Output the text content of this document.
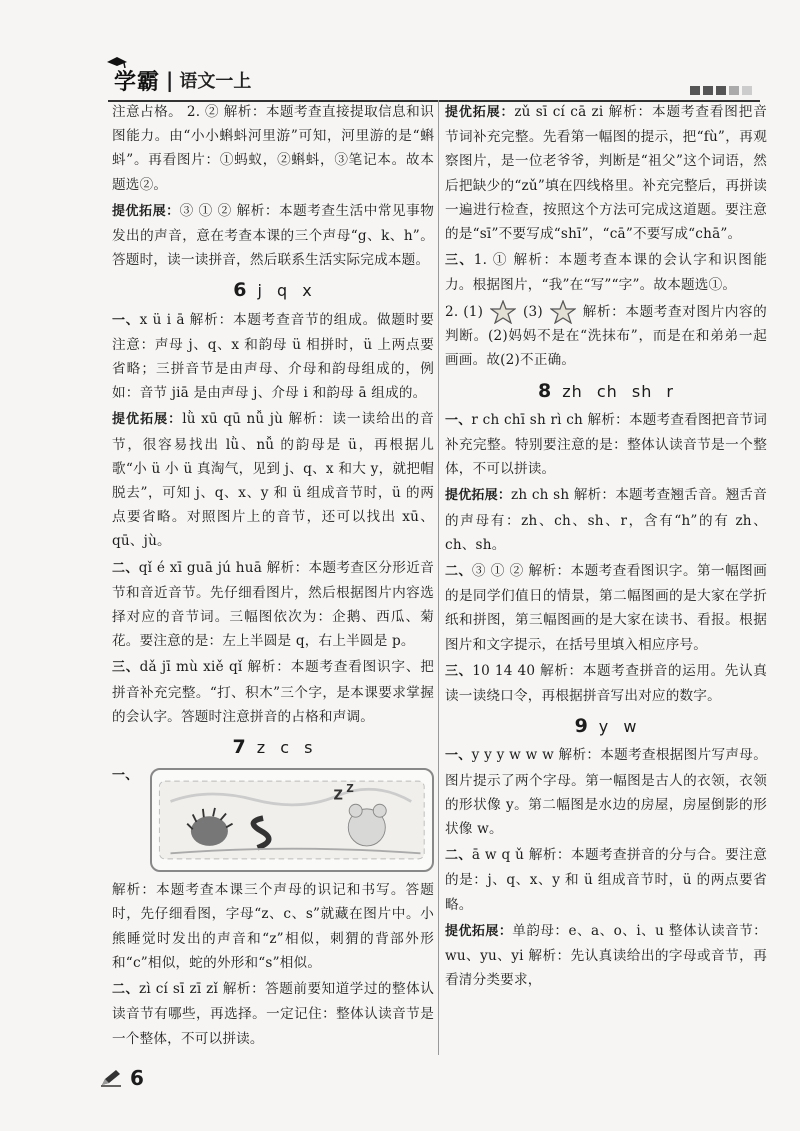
学霸 | 语文一上

注意占格。 2. ② 解析：本题考查直接提取信息和识图能力。由“小小蝌蚪河里游”可知，河里游的是“蝌蚪”。再看图片：①蚂蚁，②蝌蚪，③笔记本。故本题选②。

提优拓展：③ ① ② 解析：本题考查生活中常见事物发出的声音，意在考查本课的三个声母“g、k、h”。答题时，读一读拼音，然后联系生活实际完成本题。

6 j q x

一、x ü i ā 解析：本题考查音节的组成。做题时要注意：声母 j、q、x 和韵母 ü 相拼时，ü 上两点要省略；三拼音节是由声母、介母和韵母组成的，例如：音节 jiā 是由声母 j、介母 i 和韵母 ā 组成的。

提优拓展：lǜ xū qū nǚ jù 解析：读一读给出的音节，很容易找出 lǜ、nǚ 的韵母是 ü，再根据儿歌“小 ü 小 ü 真淘气，见到 j、q、x 和大 y，就把帽脱去”，可知 j、q、x、y 和 ü 组成音节时，ü 的两点要省略。对照图片上的音节，还可以找出 xū、qū、jù。

二、qǐ é xī guā jú huā 解析：本题考查区分形近音节和音近音节。先仔细看图片，然后根据图片内容选择对应的音节词。三幅图依次为：企鹅、西瓜、菊花。要注意的是：左上半圆是 q，右上半圆是 p。

三、dǎ jī mù xiě qǐ 解析：本题考查看图识字、把拼音补充完整。“打、积木”三个字，是本课要求掌握的会认字。答题时注意拼音的占格和声调。

7 z c s
一、
Z Z

解析：本题考查本课三个声母的识记和书写。答题时，先仔细看图，字母“z、c、s”就藏在图片中。小熊睡觉时发出的声音和“z”相似，刺猬的背部外形和“c”相似，蛇的外形和“s”相似。

二、zì cí sī zī zǐ 解析：答题前要知道学过的整体认读音节有哪些，再选择。一定记住：整体认读音节是一个整体，不可以拼读。

提优拓展：zǔ sī cí cā zi 解析：本题考查看图把音节词补充完整。先看第一幅图的提示，把“fù”，再观察图片，是一位老爷爷，判断是“祖父”这个词语，然后把缺少的“zǔ”填在四线格里。补充完整后，再拼读一遍进行检查，按照这个方法可完成这道题。要注意的是“sī”不要写成“shī”，“cā”不要写成“chā”。

三、1. ① 解析：本题考查本课的会认字和识图能力。根据图片，“我”在“写”“字”。故本题选①。

2. (1)	(3)	解析：本题考查对图片内容的判断。(2)妈妈不是在“洗抹布”，而是在和弟弟一起画画。故(2)不正确。

8 zh ch sh r

一、r ch chī sh rì ch 解析：本题考查看图把音节词补充完整。特别要注意的是：整体认读音节是一个整体，不可以拼读。

提优拓展：zh ch sh 解析：本题考查翘舌音。翘舌音的声母有：zh、ch、sh、r，含有“h”的有 zh、ch、sh。

二、③ ① ② 解析：本题考查看图识字。第一幅图画的是同学们值日的情景，第二幅图画的是大家在学折纸和拼图，第三幅图画的是大家在读书、看报。根据图片和文字提示，在括号里填入相应序号。

三、10 14 40 解析：本题考查拼音的运用。先认真读一读绕口令，再根据拼音写出对应的数字。

9 y w

一、y y y w w w 解析：本题考查根据图片写声母。图片提示了两个字母。第一幅图是古人的衣领，衣领的形状像 y。第二幅图是水边的房屋，房屋倒影的形状像 w。

二、ā w q ǔ 解析：本题考查拼音的分与合。要注意的是：j、q、x、y 和 ü 组成音节时，ü 的两点要省略。

提优拓展：单韵母：e、a、o、i、u 整体认读音节：wu、yu、yi 解析：先认真读给出的字母或音节，再看清分类要求，

6
